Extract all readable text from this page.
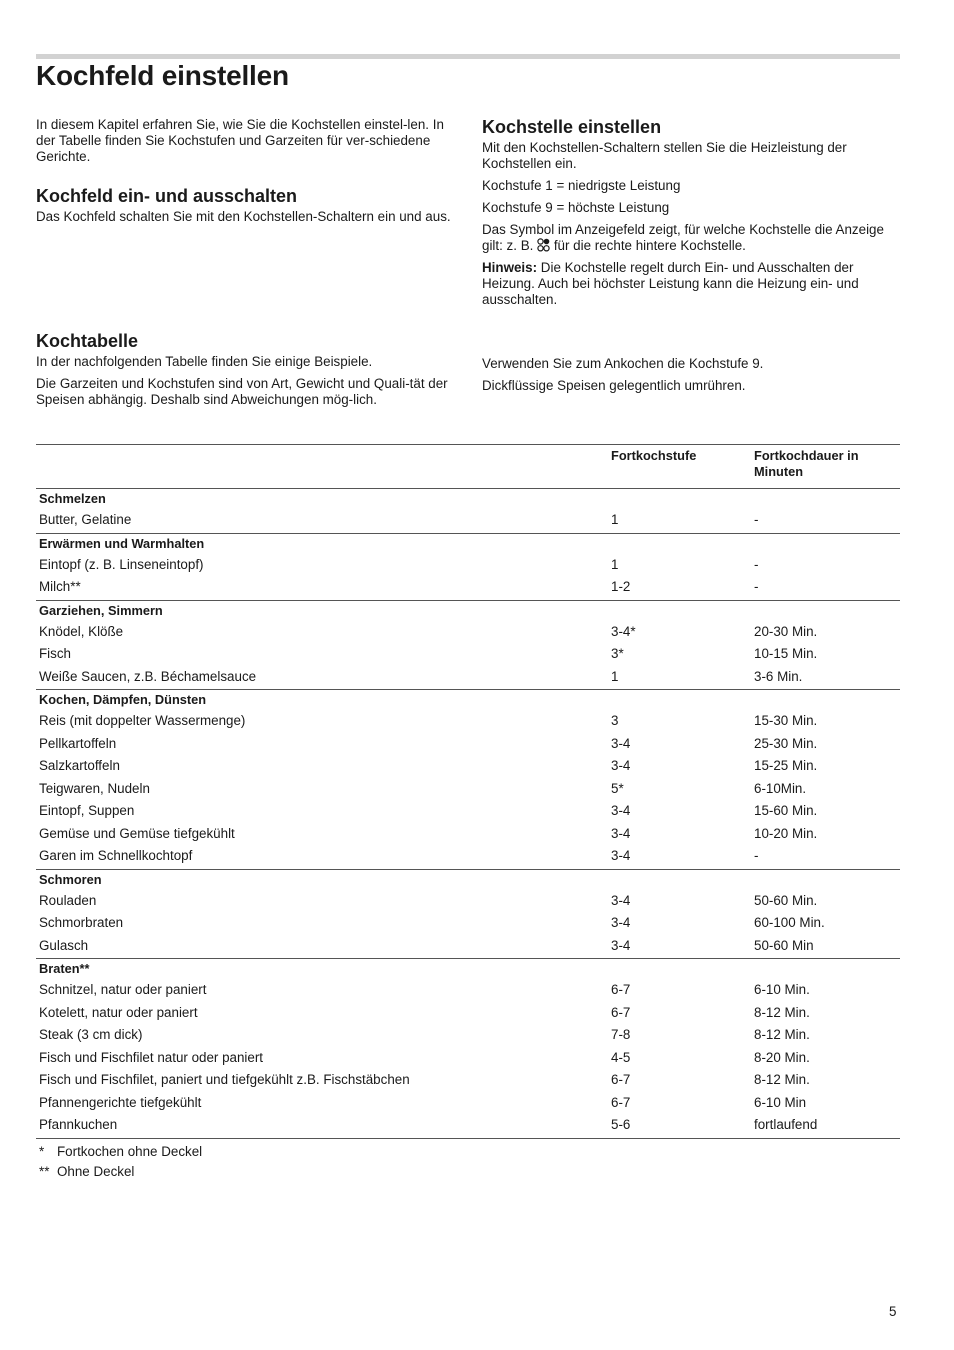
Kochfeld einstellen

In diesem Kapitel erfahren Sie, wie Sie die Kochstellen einstel-len. In der Tabelle finden Sie Kochstufen und Garzeiten für ver-schiedene Gerichte.

Kochfeld ein- und ausschalten

Das Kochfeld schalten Sie mit den Kochstellen-Schaltern ein und aus.

Kochstelle einstellen

Mit den Kochstellen-Schaltern stellen Sie die Heizleistung der Kochstellen ein.

Kochstufe 1 = niedrigste Leistung

Kochstufe 9 = höchste Leistung

Das Symbol im Anzeigefeld zeigt, für welche Kochstelle die Anzeige gilt: z. B. für die rechte hintere Kochstelle.

Hinweis: Die Kochstelle regelt durch Ein- und Ausschalten der Heizung. Auch bei höchster Leistung kann die Heizung ein- und ausschalten.

Kochtabelle

In der nachfolgenden Tabelle finden Sie einige Beispiele.

Die Garzeiten und Kochstufen sind von Art, Gewicht und Quali-tät der Speisen abhängig. Deshalb sind Abweichungen mög-lich.

Verwenden Sie zum Ankochen die Kochstufe 9.

Dickflüssige Speisen gelegentlich umrühren.

	Fortkochstufe	Fortkochdauer in Minuten
Schmelzen		
Butter, Gelatine	1	-
Erwärmen und Warmhalten		
Eintopf (z. B. Linseneintopf)	1	-
Milch**	1-2	-
Garziehen, Simmern		
Knödel, Klöße	3-4*	20-30 Min.
Fisch	3*	10-15 Min.
Weiße Saucen, z.B. Béchamelsauce	1	3-6 Min.
Kochen, Dämpfen, Dünsten		
Reis (mit doppelter Wassermenge)	3	15-30 Min.
Pellkartoffeln	3-4	25-30 Min.
Salzkartoffeln	3-4	15-25 Min.
Teigwaren, Nudeln	5*	6-10Min.
Eintopf, Suppen	3-4	15-60 Min.
Gemüse und Gemüse tiefgekühlt	3-4	10-20 Min.
Garen im Schnellkochtopf	3-4	-
Schmoren		
Rouladen	3-4	50-60 Min.
Schmorbraten	3-4	60-100 Min.
Gulasch	3-4	50-60 Min
Braten**		
Schnitzel, natur oder paniert	6-7	6-10 Min.
Kotelett, natur oder paniert	6-7	8-12 Min.
Steak (3 cm dick)	7-8	8-12 Min.
Fisch und Fischfilet natur oder paniert	4-5	8-20 Min.
Fisch und Fischfilet, paniert und tiefgekühlt z.B. Fischstäbchen	6-7	8-12 Min.
Pfannengerichte tiefgekühlt	6-7	6-10 Min
Pfannkuchen	5-6	fortlaufend
* Fortkochen ohne Deckel
** Ohne Deckel
5
